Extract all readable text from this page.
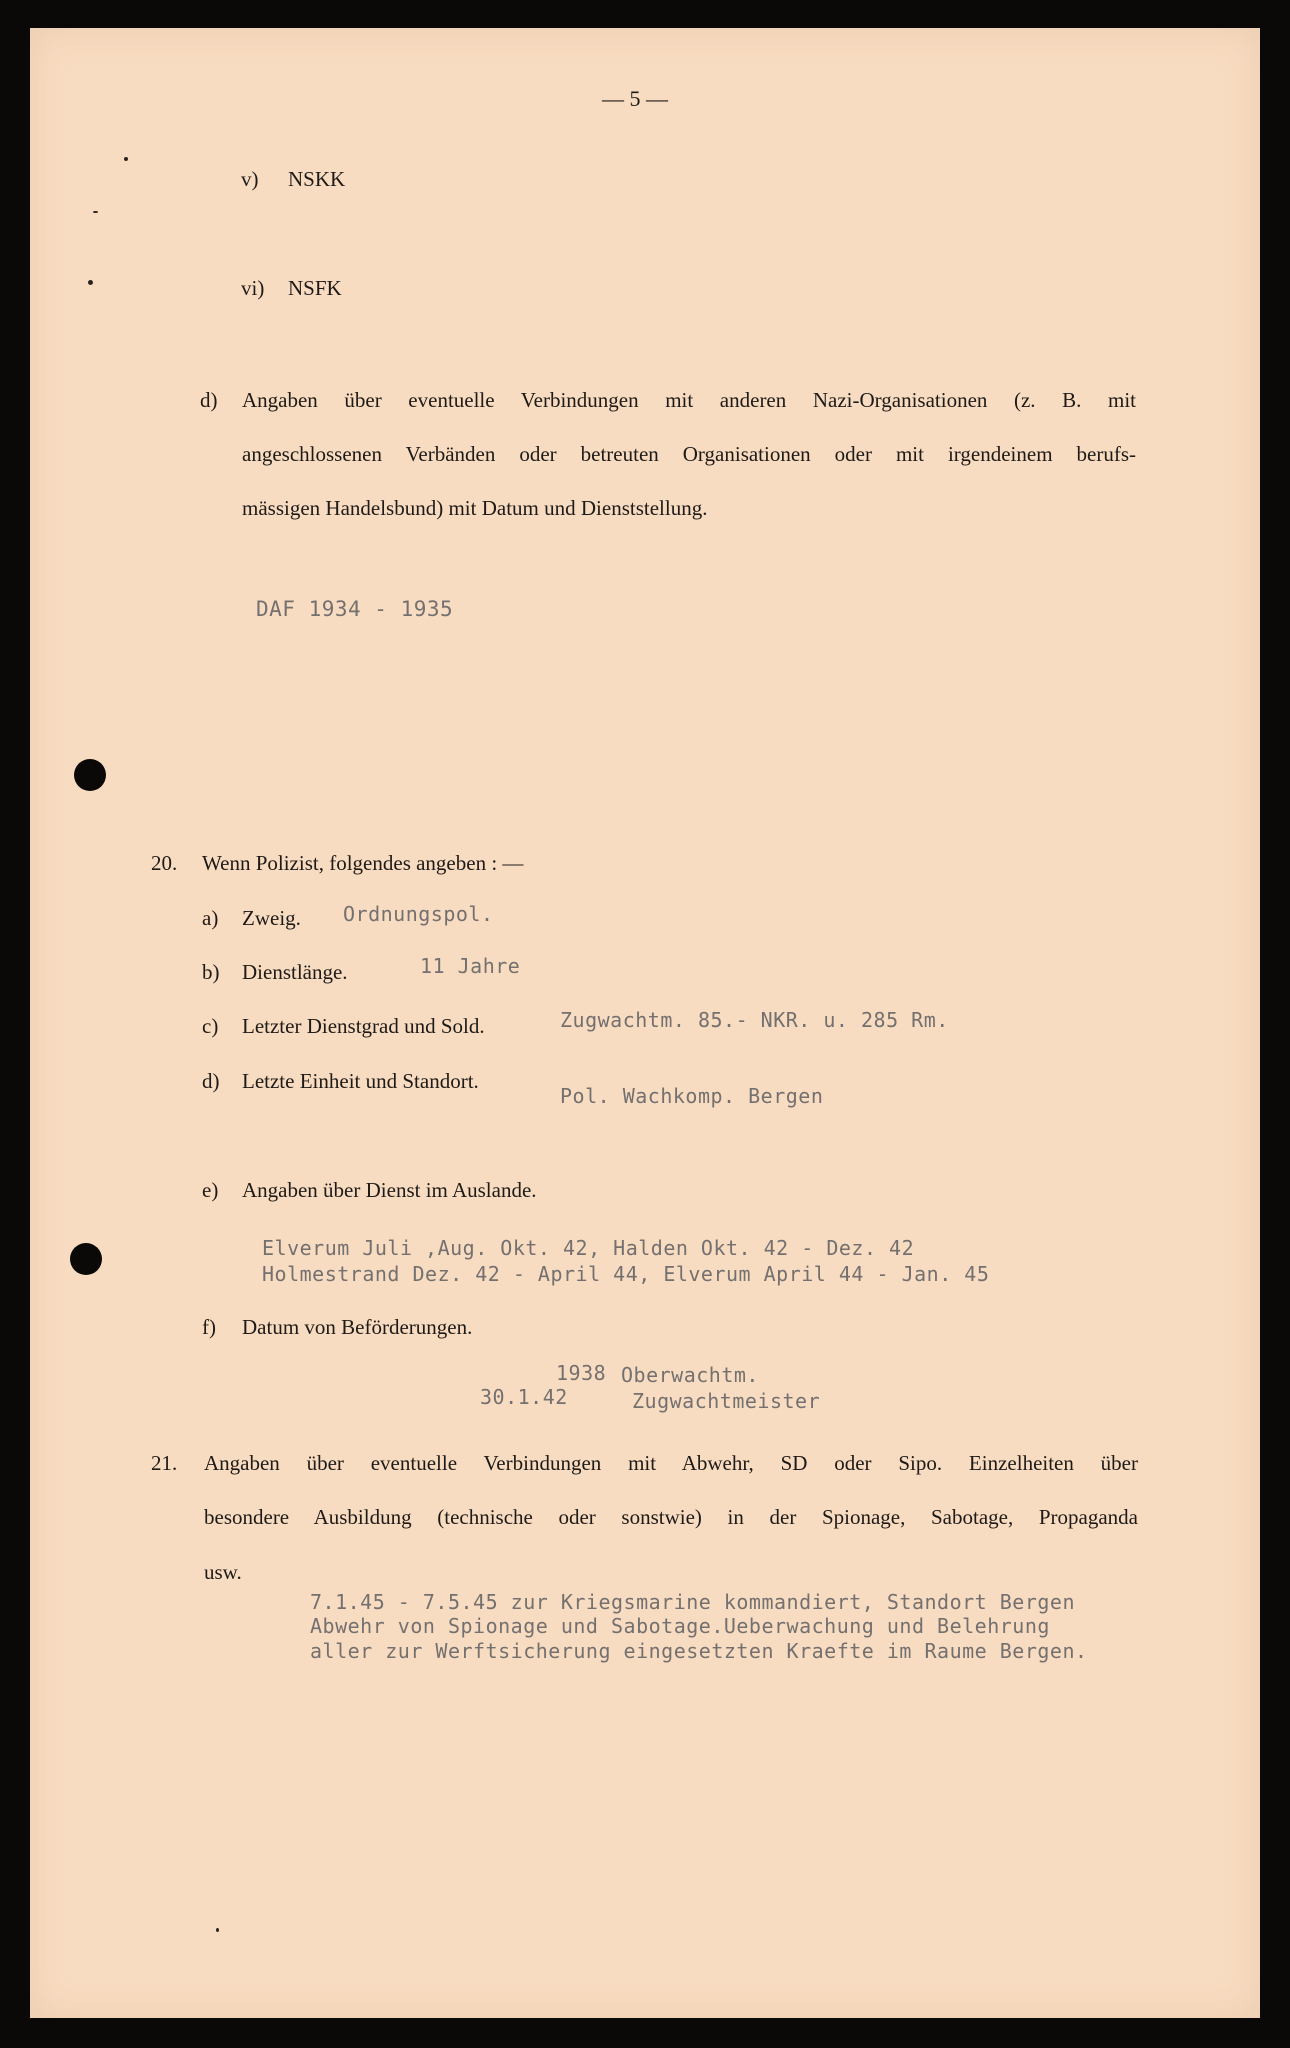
— 5 —
v) NSKK
vi) NSFK
d) Angaben über eventuelle Verbindungen mit anderen Nazi-Organisationen (z. B. mit
angeschlossenen Verbänden oder betreuten Organisationen oder mit irgendeinem berufs-
mässigen Handelsbund) mit Datum und Dienststellung.
DAF 1934 - 1935
20. Wenn Polizist, folgendes angeben : —
a) Zweig. Ordnungspol.
b) Dienstlänge.	11 Jahre
c) Letzter Dienstgrad und Sold.	Zugwachtm. 85.- NKR. u. 285 Rm.
d) Letzte Einheit und Standort.
Pol. Wachkomp. Bergen
e) Angaben über Dienst im Auslande.
Elverum Juli ,Aug. Okt. 42, Halden Okt. 42 - Dez. 42
Holmestrand Dez. 42 - April 44, Elverum April 44 - Jan. 45
f) Datum von Beförderungen.
1938 Oberwachtm.
30.1.42	Zugwachtmeister
21. Angaben über eventuelle Verbindungen mit Abwehr, SD oder Sipo. Einzelheiten über
besondere Ausbildung (technische oder sonstwie) in der Spionage, Sabotage, Propaganda
usw.
7.1.45 - 7.5.45 zur Kriegsmarine kommandiert, Standort Bergen
Abwehr von Spionage und Sabotage.Ueberwachung und Belehrung
aller zur Werftsicherung eingesetzten Kraefte im Raume Bergen.
